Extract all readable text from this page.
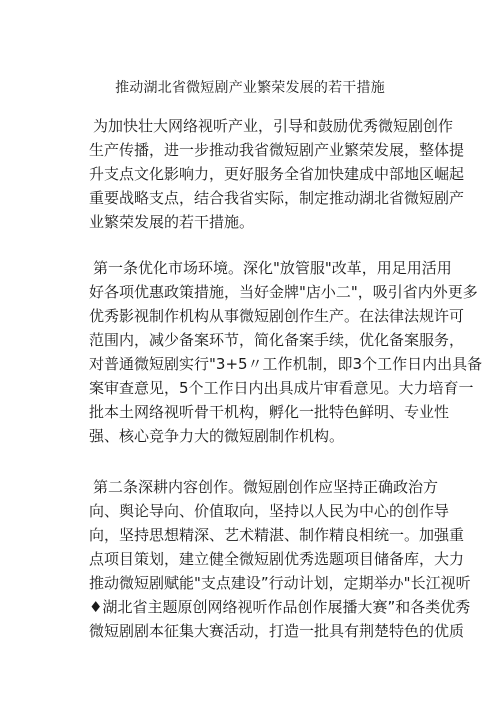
推动湖北省微短剧产业繁荣发展的若干措施
为加快壮大网络视听产业，引导和鼓励优秀微短剧创作
生产传播，进一步推动我省微短剧产业繁荣发展，整体提
升支点文化影响力，更好服务全省加快建成中部地区崛起
重要战略支点，结合我省实际，制定推动湖北省微短剧产
业繁荣发展的若干措施。
第一条优化市场环境。深化"放管服"改革，用足用活用
好各项优惠政策措施，当好金牌"店小二"，吸引省内外更多
优秀影视制作机构从事微短剧创作生产。在法律法规许可
范围内，减少备案环节，简化备案手续，优化备案服务，
对普通微短剧实行"3+5〃工作机制，即3个工作日内出具备
案审查意见，5个工作日内出具成片审看意见。大力培育一
批本土网络视听骨干机构，孵化一批特色鲜明、专业性
强、核心竞争力大的微短剧制作机构。
第二条深耕内容创作。微短剧创作应坚持正确政治方
向、舆论导向、价值取向，坚持以人民为中心的创作导
向，坚持思想精深、艺术精湛、制作精良相统一。加强重
点项目策划，建立健全微短剧优秀选题项目储备库，大力
推动微短剧赋能"支点建设”行动计划，定期举办"长江视听
♦湖北省主题原创网络视听作品创作展播大赛”和各类优秀
微短剧剧本征集大赛活动，打造一批具有荆楚特色的优质
